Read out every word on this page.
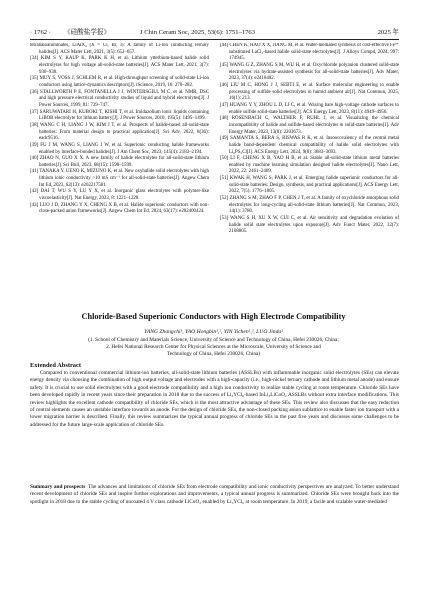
· 1762 · 《硅酸盐学报》	J Chin Ceram Soc, 2025, 53(6): 1751–1763	2025 年

tetrahaloaluminates, LiAlX₄ (X = Cl, Br, I): A family of Li-ion conducting ternary halides[J]. ACS Mater Lett, 2021, 3(5): 652–657.

[34] KIM S Y, KAUP K, PARK K H, et al. Lithium ytterbium-based halide solid electrolytes for high voltage all-solid-state batteries[J]. ACS Mater Lett, 2021, 3(7): 930–938.

[35] MUY S, VOSS J, SCHLEM R, et al. High-throughput screening of solid-state Li-ion conductors using lattice-dynamics descriptors[J]. iScience, 2019, 16: 270–282.

[36] STALLWORTH P E, FONTANELLA J J, WINTERSGILL M C, et al. NMR, DSC and high pressure electrical conductivity studies of liquid and hybrid electrolytes[J]. J Power Sources, 1999, 81: 739–747.

[37] SARUWATARI H, KUBOKI T, KISHI T, et al. Imidazolium ionic liquids containing LiBOB electrolyte for lithium battery[J]. J Power Sources, 2010, 195(5): 1495–1499.

[38] WANG C H, LIANG J W, KIM J T, et al. Prospects of halide-based all-solid-state batteries: From material design to practical application[J]. Sci Adv, 2022, 8(36): eadc9516.

[39] FU J M, WANG S, LIANG J W, et al. Superionic conducting halide frameworks enabled by interface-bonded halides[J]. J Am Chem Soc, 2023, 145(4): 2183–2194.

[40] ZHAO N, GUO X X. A new family of halide electrolytes for all-solid-state lithium batteries[J]. Sci Bull, 2023, 68(15): 1598–1599.

[41] TANAKA Y, UENO K, MIZUNO K, et al. New oxyhalide solid electrolytes with high lithium ionic conductivity >10 mS cm⁻¹ for all-solid-state batteries[J]. Angew Chem Int Ed, 2023, 62(13): e202217581.

[42] DAI T, WU S Y, LU Y X, et al. Inorganic glass electrolytes with polymer-like viscoelasticity[J]. Nat Energy, 2023, 8: 1221–1228.

[43] LUO J D, ZHANG Y X, CHENG X B, et al. Halide superionic conductors with non-close-packed anion frameworks[J]. Angew Chem Int Ed, 2024, 63(17): e202400424.

[44] CHEN K, HAO X X, JIANG M, et al. Water-mediated synthesis of cost-effective Fe³⁺ substituted LaCl₃-based halide solid-state electrolytes[J]. J Alloys Compd, 2024, 997: 174945.

[45] WANG G Z, ZHANG S M, WU H, et al. Oxychloride polyanion clustered solid-state electrolytes via hydrate-assisted synthesis for all-solid-state batteries[J]. Adv Mater, 2023, 37(4): e2410402.

[46] LIU M C, HONG J J, SEBTI E, et al. Surface molecular engineering to enable processing of sulfide solid electrolytes in humid ambient air[J]. Nat Commun, 2025, 16(1): 213.

[47] HUANG Y Y, ZHOU L D, LI C, et al. Waxing bare high-voltage cathode surfaces to enable sulfide solid-state batteries[J]. ACS Energy Lett, 2023, 8(11): 4949–4956.

[48] ROSENBACH C, WALTHER F, RUHL J, et al. Visualizing the chemical incompatibility of halide and sulfide-based electrolytes in solid-state batteries[J]. Adv Energy Mater, 2023, 13(8): 2203673.

[49] SAMANTA S, BERA S, BISWAS R K, et al. Insoocovalency of the central metal halide bond-dependent chemical compatibility of halide solid electrolytes with Li₆PS₅Cl[J]. ACS Energy Lett, 2024, 9(8): 3683–3693.

[50] LI F, CHENG X B, YAO H B, et al. Stable all-solid-state lithium metal batteries enabled by machine learning simulation designed halide electrolytes[J]. Nano Lett, 2022, 22: 2461–2469.

[51] KWAK H, WANG S, PARK J, et al. Emerging halide superionic conductors for all-solid-state batteries: Design, synthesis, and practical applications[J]. ACS Energy Lett, 2022, 7(5): 1776–1805.

[52] ZHANG S M, ZHAO F P, CHEN J T, et al. A family of oxychloride amorphous solid electrolytes for long-cycling all-solid-state lithium batteries[J]. Nat Commun, 2023, 14(1): 3780.

[53] WANG S H, XU X W, CUI C, et al. Air sensitivity and degradation evolution of halide solid state electrolytes upon exposure[J]. Adv Funct Mater, 2022, 32(7): 2108805.

Chloride-Based Superionic Conductors with High Electrode Compatibility
YANG Zhangchi¹, YAO Hongbin¹,², YIN Yichen¹,², LUO Jinda²
(1. School of Chemistry and Materials Science, University of Science and Technology of China, Hefei 230026, China;
2. Hefei National Research Center for Physical Sciences at the Microscale, University of Science and
Technology of China, Hefei 230026, China)

Extended Abstract

Compared to conventional commercial lithium-ion batteries, all-solid-state lithium batteries (ASSLBs) with inflammable inorganic solid electrolytes (SEs) can elevate energy density via choosing the combination of high output voltage and electrodes with a high-capacity (i.e., high-nickel ternary cathode and lithium metal anode) and ensure safety. It is crucial to use solid electrolytes with a good electrode compatibility and a high ion conductivity to realize stable cycling at room temperature. Chloride SEs have been developed rapidly in recent years since their preparation in 2018 due to the success of Li₃YCl₆-based InLi₃LiCoO₂ ASSLBs without extra interface modifications. This review highlights the excellent cathode compatibility of chloride SEs, which is the most attractive advantage of these SEs. This review also discusses that the easy reduction of central elements causes an unstable interface towards an anode. For the design of chloride SEs, the non-closed packing anion sublattice to enable faster ion transport with a lower migration barrier is described. Finally, this review summarizes the typical annual progress of chloride SEs in the past five years and discusses some challenges to be addressed for the future large-scale application of chloride SEs.

Summary and prospects The advances and limitations of chloride SEs from electrode compatibility and ionic conductivity perspectives are analyzed. To better understand recent development of chloride SEs and inspire further explorations and improvements, a typical annual progress is summarized. Chloride SEs were brought back into the spotlight in 2018 due to the stable cycling of uncoated 4 V class cathode LiCoO₂ enabled by Li₃YCl₆ at room temperature. In 2019, a facile and scalable water-mediated
